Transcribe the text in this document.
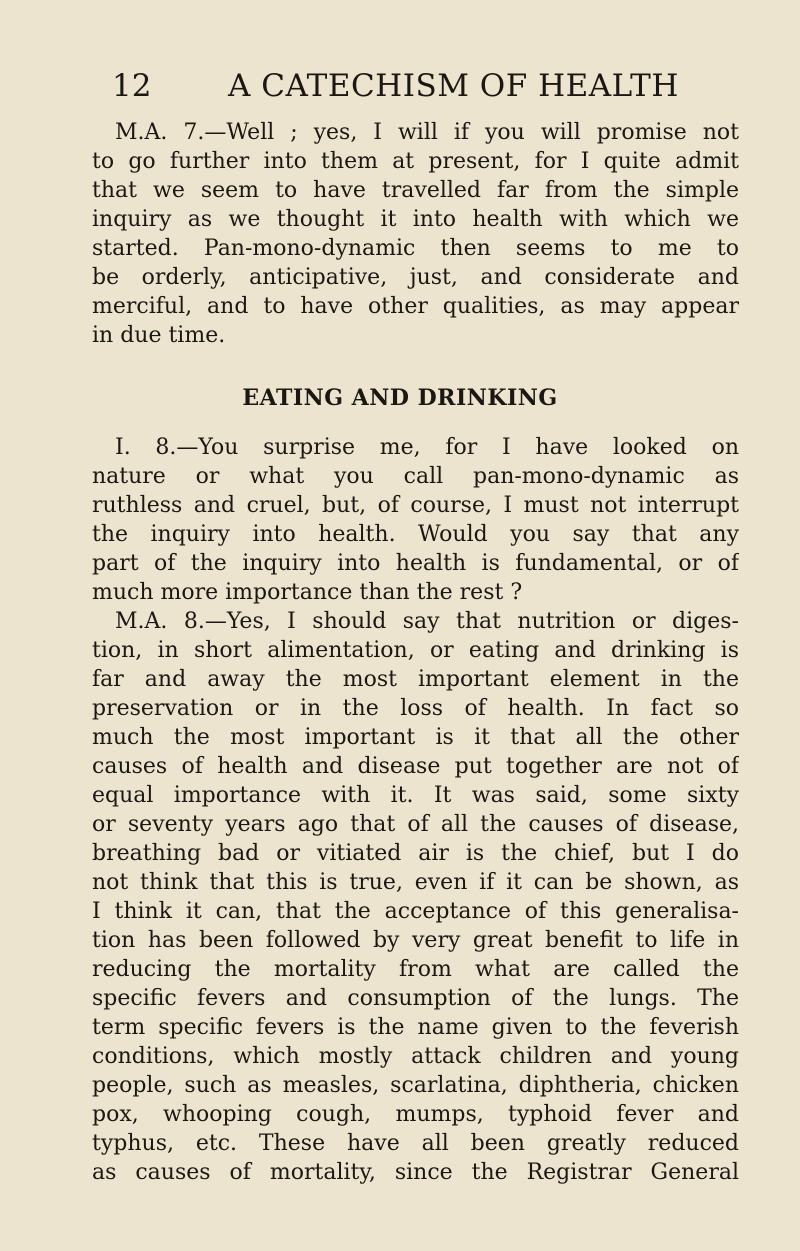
12 A CATECHISM OF HEALTH
M.A. 7.—Well ; yes, I will if you will promise not
to go further into them at present, for I quite admit
that we seem to have travelled far from the simple
inquiry as we thought it into health with which we
started. Pan-mono-dynamic then seems to me to
be orderly, anticipative, just, and considerate and
merciful, and to have other qualities, as may appear
in due time.
EATING AND DRINKING
I. 8.—You surprise me, for I have looked on
nature or what you call pan-mono-dynamic as
ruthless and cruel, but, of course, I must not interrupt
the inquiry into health. Would you say that any
part of the inquiry into health is fundamental, or of
much more importance than the rest ?
M.A. 8.—Yes, I should say that nutrition or diges-
tion, in short alimentation, or eating and drinking is
far and away the most important element in the
preservation or in the loss of health. In fact so
much the most important is it that all the other
causes of health and disease put together are not of
equal importance with it. It was said, some sixty
or seventy years ago that of all the causes of disease,
breathing bad or vitiated air is the chief, but I do
not think that this is true, even if it can be shown, as
I think it can, that the acceptance of this generalisa-
tion has been followed by very great benefit to life in
reducing the mortality from what are called the
specific fevers and consumption of the lungs. The
term specific fevers is the name given to the feverish
conditions, which mostly attack children and young
people, such as measles, scarlatina, diphtheria, chicken
pox, whooping cough, mumps, typhoid fever and
typhus, etc. These have all been greatly reduced
as causes of mortality, since the Registrar General
